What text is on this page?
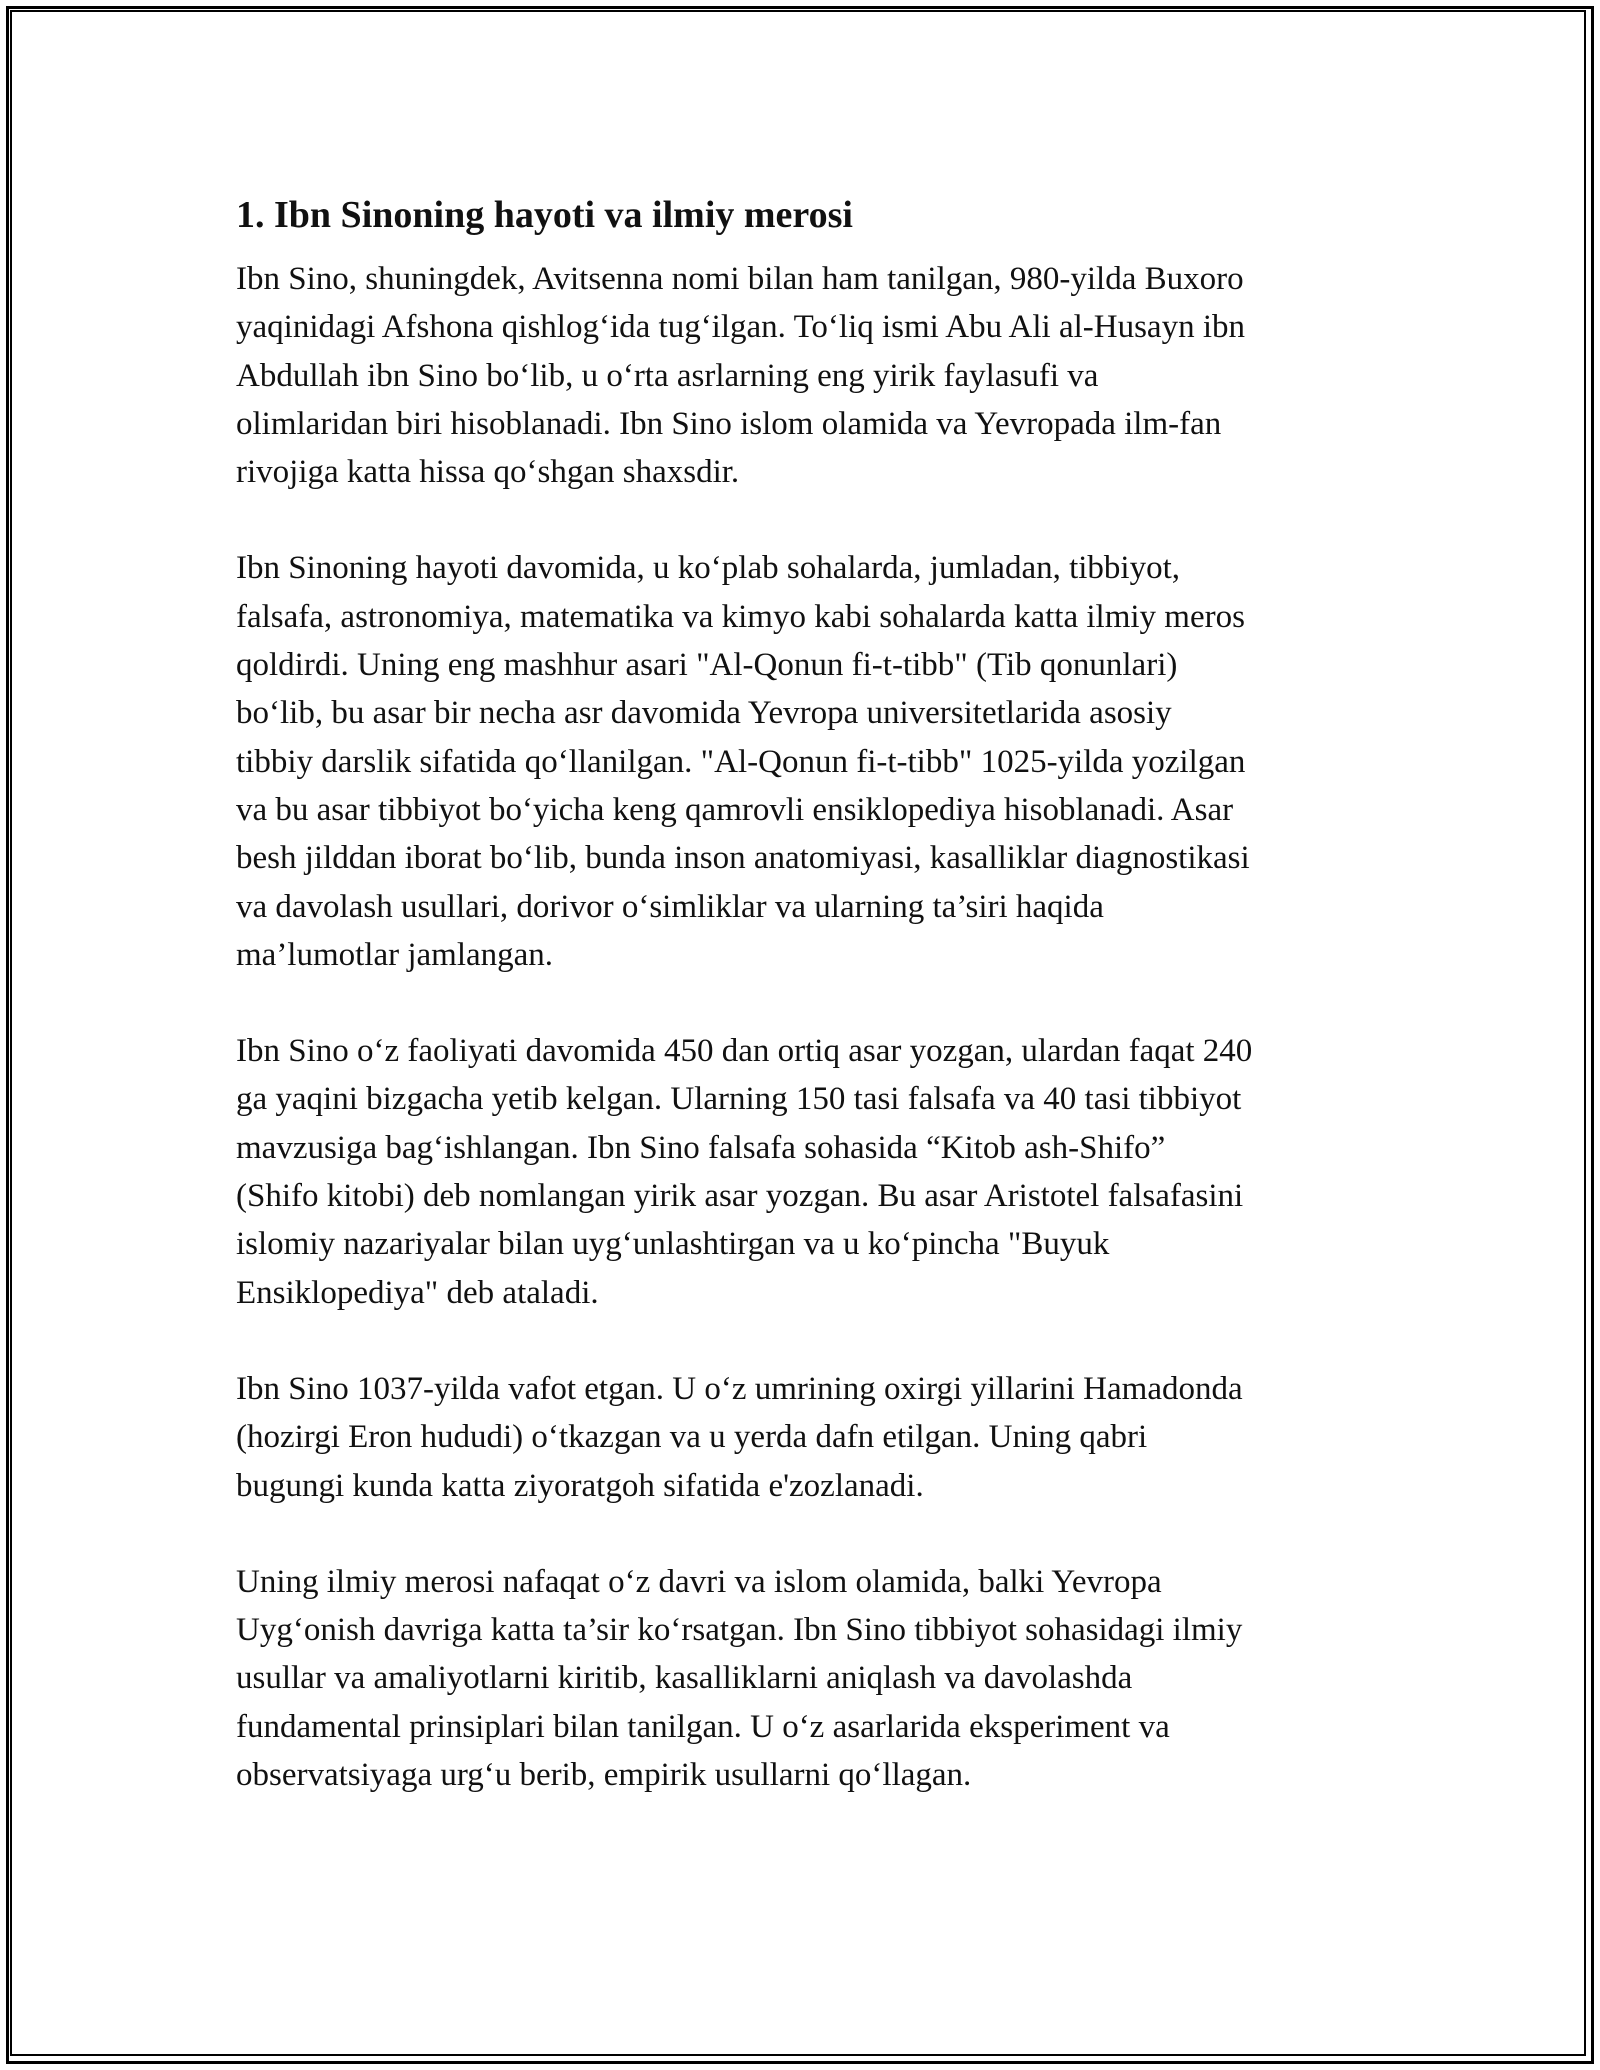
1. Ibn Sinoning hayoti va ilmiy merosi

Ibn Sino, shuningdek, Avitsenna nomi bilan ham tanilgan, 980-yilda Buxoro
yaqinidagi Afshona qishlog‘ida tug‘ilgan. To‘liq ismi Abu Ali al-Husayn ibn
Abdullah ibn Sino bo‘lib, u o‘rta asrlarning eng yirik faylasufi va
olimlaridan biri hisoblanadi. Ibn Sino islom olamida va Yevropada ilm-fan
rivojiga katta hissa qo‘shgan shaxsdir.

Ibn Sinoning hayoti davomida, u ko‘plab sohalarda, jumladan, tibbiyot,
falsafa, astronomiya, matematika va kimyo kabi sohalarda katta ilmiy meros
qoldirdi. Uning eng mashhur asari "Al-Qonun fi-t-tibb" (Tib qonunlari)
bo‘lib, bu asar bir necha asr davomida Yevropa universitetlarida asosiy
tibbiy darslik sifatida qo‘llanilgan. "Al-Qonun fi-t-tibb" 1025-yilda yozilgan
va bu asar tibbiyot bo‘yicha keng qamrovli ensiklopediya hisoblanadi. Asar
besh jilddan iborat bo‘lib, bunda inson anatomiyasi, kasalliklar diagnostikasi
va davolash usullari, dorivor o‘simliklar va ularning ta’siri haqida
ma’lumotlar jamlangan.

Ibn Sino o‘z faoliyati davomida 450 dan ortiq asar yozgan, ulardan faqat 240
ga yaqini bizgacha yetib kelgan. Ularning 150 tasi falsafa va 40 tasi tibbiyot
mavzusiga bag‘ishlangan. Ibn Sino falsafa sohasida “Kitob ash-Shifo”
(Shifo kitobi) deb nomlangan yirik asar yozgan. Bu asar Aristotel falsafasini
islomiy nazariyalar bilan uyg‘unlashtirgan va u ko‘pincha "Buyuk
Ensiklopediya" deb ataladi.

Ibn Sino 1037-yilda vafot etgan. U o‘z umrining oxirgi yillarini Hamadonda
(hozirgi Eron hududi) o‘tkazgan va u yerda dafn etilgan. Uning qabri
bugungi kunda katta ziyoratgoh sifatida e'zozlanadi.

Uning ilmiy merosi nafaqat o‘z davri va islom olamida, balki Yevropa
Uyg‘onish davriga katta ta’sir ko‘rsatgan. Ibn Sino tibbiyot sohasidagi ilmiy
usullar va amaliyotlarni kiritib, kasalliklarni aniqlash va davolashda
fundamental prinsiplari bilan tanilgan. U o‘z asarlarida eksperiment va
observatsiyaga urg‘u berib, empirik usullarni qo‘llagan.
